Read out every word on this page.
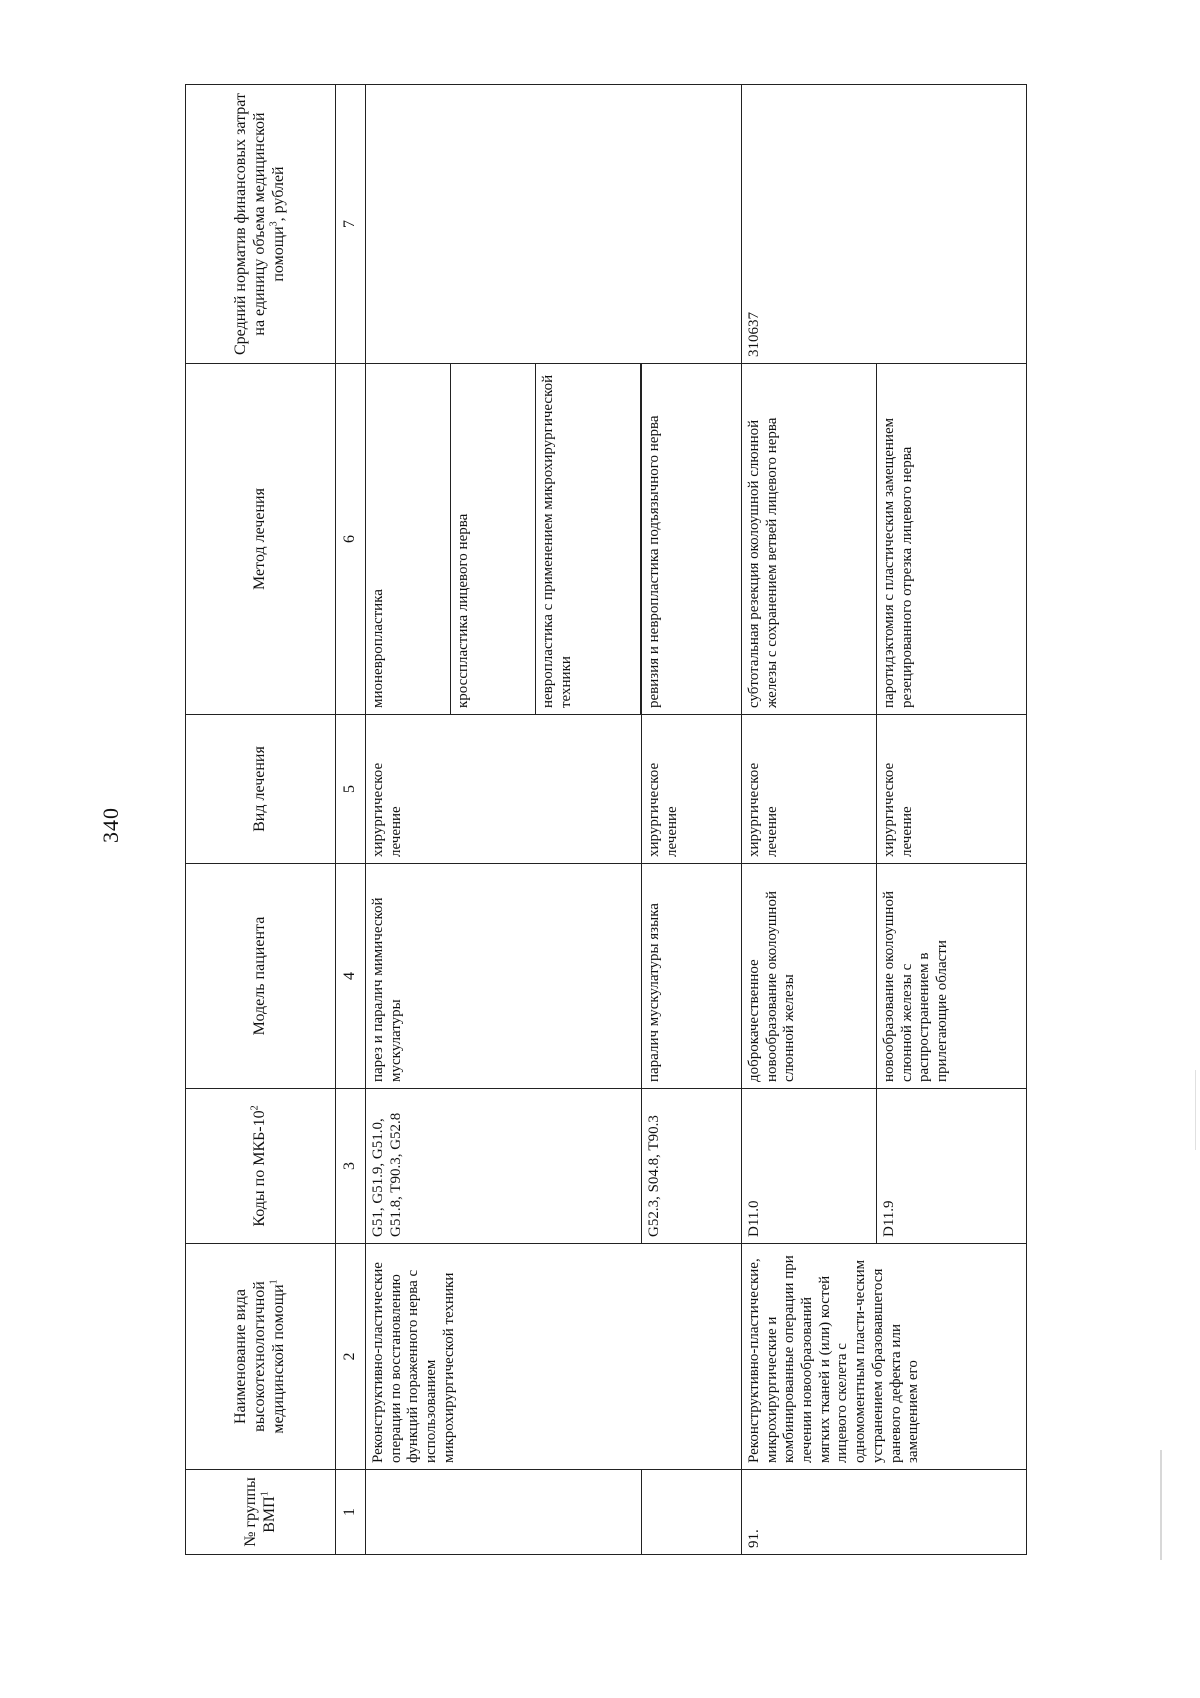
340
№ группы ВМП$^1$	Наименование вида высокотехнологичной медицинской помощи$^1$	Коды по МКБ-$10^2$	Модель пациента	Вид лечения	Метод лечения	Средний норматив финансовых затрат на единицу объема медицинской помощи$^3$, рублей
1	2	3	4	5	6	7
	Реконструктивно-пластические операции по восстановлению функций пораженного нерва с использованием микрохирургической техники	G51, G51.9, G51.0, G51.8, T90.3, G52.8	парез и паралич мимической мускулатуры	хирургическое лечение	мионевропластика	
					кросспластика лицевого нерва	
					невропластика с применением микрохирургической техники	

		G52.3, S04.8, T90.3	паралич мускулатуры языка	хирургическое лечение	ревизия и невропластика подъязычного нерва	
91.	Реконструктивно-пластические, микрохирургические и комбинированные операции при лечении новообразований мягких тканей и (или) костей лицевого скелета с одномоментным пласти-ческим устранением образовавшегося раневого дефекта или замещением его	D11.0	доброкачественное новообразование околоушной слюнной железы	хирургическое лечение	субтотальная резекция околоушной слюнной железы с сохранением ветвей лицевого нерва	310637
		D11.9	новообразование околоушной слюнной железы с распространением в прилегающие области	хирургическое лечение	паротидэктомия с пластическим замещением резецированного отрезка лицевого нерва	
